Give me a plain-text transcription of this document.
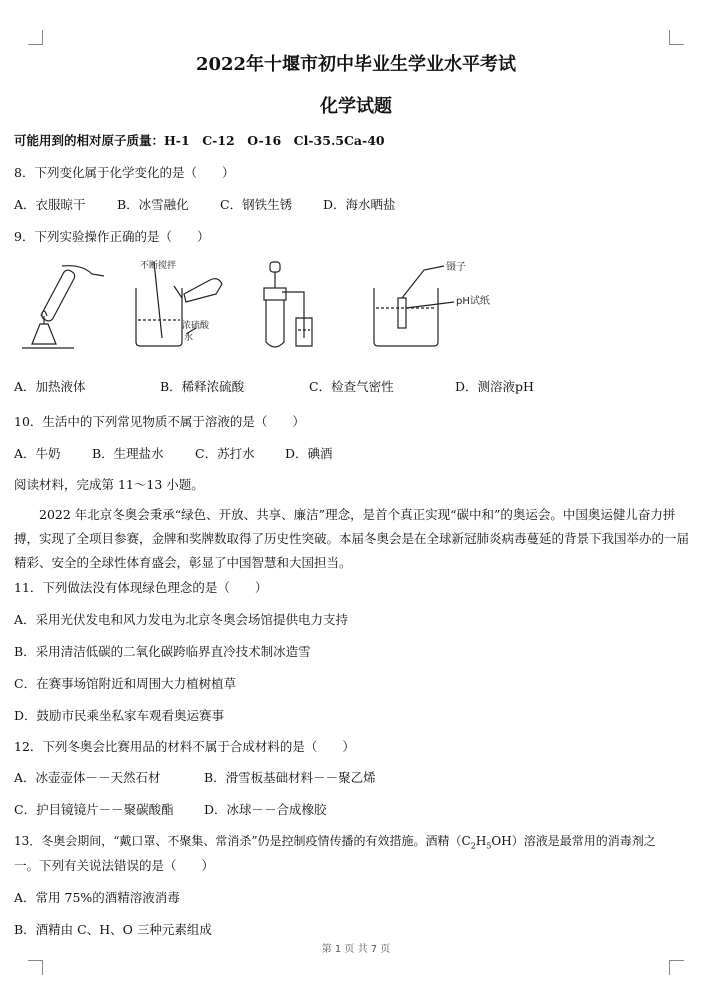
2022年十堰市初中毕业生学业水平考试
化学试题
可能用到的相对原子质量：H-1　C-12　O-16　Cl-35.5Ca-40
8．下列变化属于化学变化的是（　　）
A．衣服晾干	B．冰雪融化	C．钢铁生锈 D．海水晒盐
9．下列实验操作正确的是（　　）
不断搅拌
浓硫酸
水
镊子
pH试纸
A．加热液体	B．稀释浓硫酸	C．检查气密性	D．测溶液pH
10．生活中的下列常见物质不属于溶液的是（　　）
A．牛奶	B．生理盐水	C．苏打水 D．碘酒
阅读材料，完成第 11～13 小题。
2022 年北京冬奥会秉承“绿色、开放、共享、廉洁”理念，是首个真正实现“碳中和”的奥运会。中国奥运健儿奋力拼搏，实现了全项目参赛，金牌和奖牌数取得了历史性突破。本届冬奥会是在全球新冠肺炎病毒蔓延的背景下我国举办的一届精彩、安全的全球性体育盛会，彰显了中国智慧和大国担当。
11．下列做法没有体现绿色理念的是（　　）
A．采用光伏发电和风力发电为北京冬奥会场馆提供电力支持
B．采用清洁低碳的二氧化碳跨临界直冷技术制冰造雪
C．在赛事场馆附近和周围大力植树植草
D．鼓励市民乘坐私家车观看奥运赛事
12．下列冬奥会比赛用品的材料不属于合成材料的是（　　）
A．冰壶壶体－－天然石材	B．滑雪板基础材料－－聚乙烯
C．护目镜镜片－－聚碳酸酯 D．冰球－－合成橡胶
13．冬奥会期间，“戴口罩、不聚集、常消杀”仍是控制疫情传播的有效措施。酒精$(C_2H_5OH)$溶液是最常用的消毒剂之
一。下列有关说法错误的是（　　）
A．常用 75%的酒精溶液消毒
B．酒精由 C、H、O 三种元素组成
第 1 页 共 7 页
